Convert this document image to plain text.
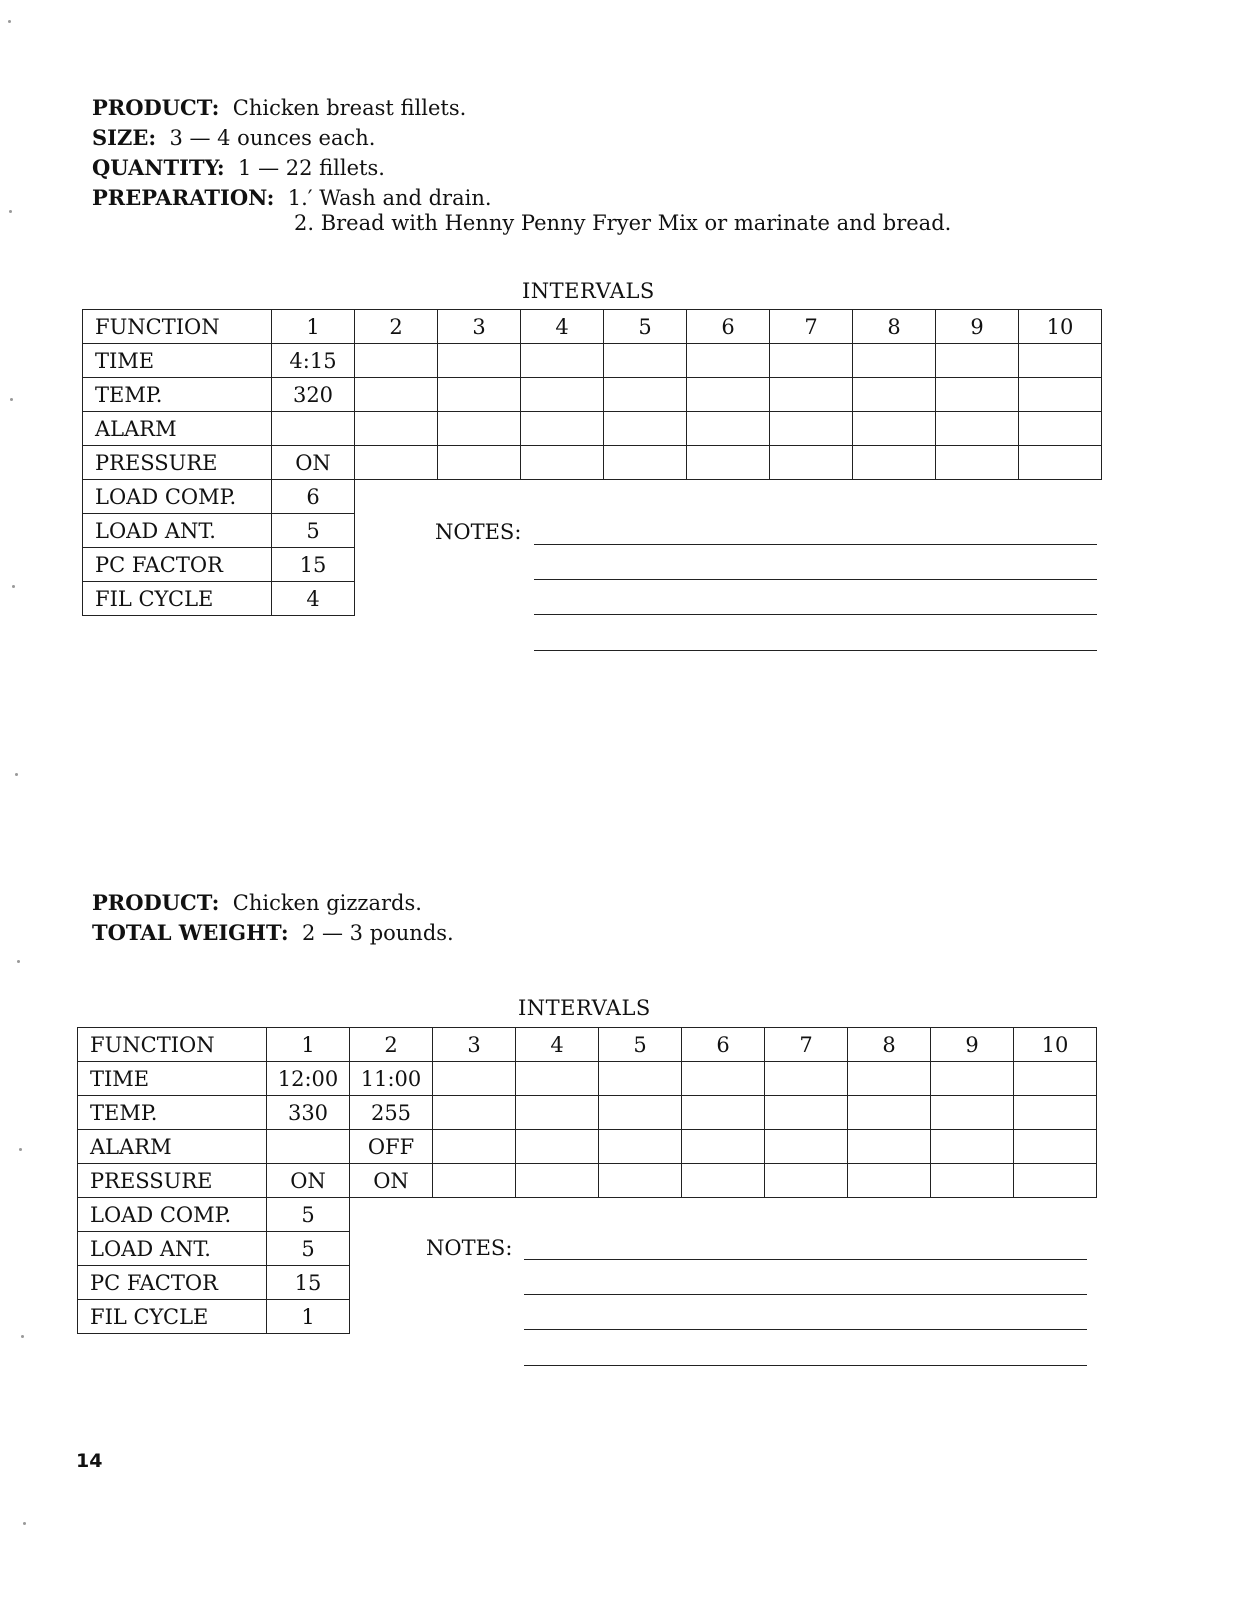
PRODUCT: Chicken breast fillets.
SIZE: 3 — 4 ounces each.
QUANTITY: 1 — 22 fillets.
PREPARATION: 1.′ Wash and drain.
2. Bread with Henny Penny Fryer Mix or marinate and bread.
INTERVALS
FUNCTION	1	2	3	4	5	6	7	8	9	10
TIME	4:15									
TEMP.	320									
ALARM										
PRESSURE	ON									
LOAD COMP.	6									
LOAD ANT.	5									
PC FACTOR	15									
FIL CYCLE	4									
NOTES:
PRODUCT: Chicken gizzards.
TOTAL WEIGHT: 2 — 3 pounds.
INTERVALS
FUNCTION	1	2	3	4	5	6	7	8	9	10
TIME	12:00	11:00								
TEMP.	330	255								
ALARM		OFF								
PRESSURE	ON	ON								
LOAD COMP.	5									
LOAD ANT.	5									
PC FACTOR	15									
FIL CYCLE	1									
NOTES:
14
